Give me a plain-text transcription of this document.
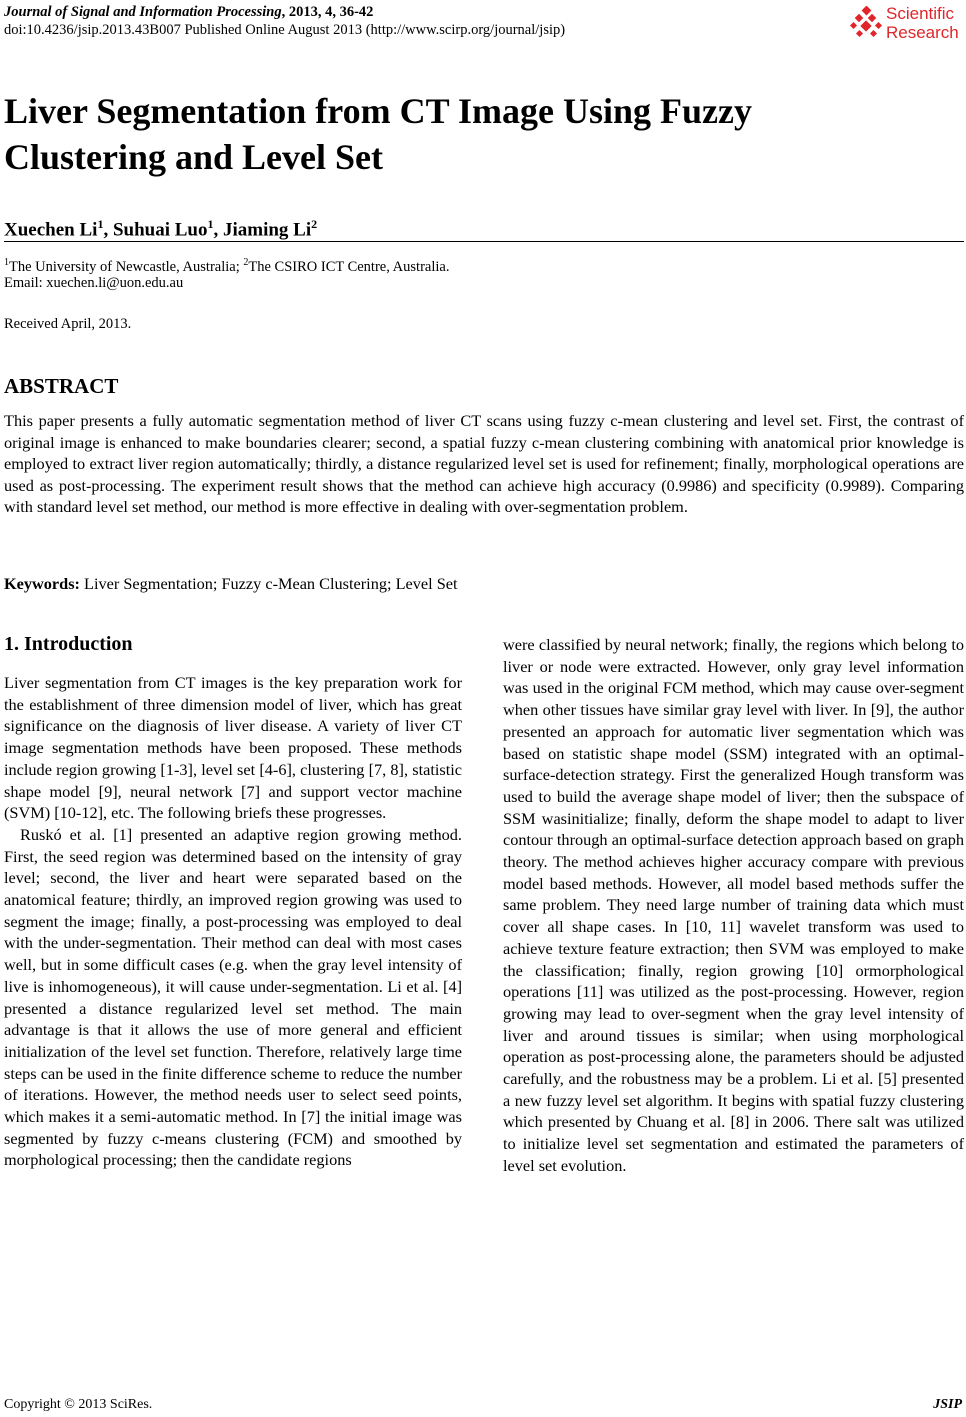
Journal of Signal and Information Processing, 2013, 4, 36-42
doi:10.4236/jsip.2013.43B007 Published Online August 2013 (http://www.scirp.org/journal/jsip)
Scientific
Research
Liver Segmentation from CT Image Using Fuzzy
Clustering and Level Set
Xuechen Li$^1$, Suhuai Luo$^1$, Jiaming Li$^2$
$^1$The University of Newcastle, Australia; $^2$The CSIRO ICT Centre, Australia.
Email: xuechen.li@uon.edu.au
Received April, 2013.
ABSTRACT

This paper presents a fully automatic segmentation method of liver CT scans using fuzzy c-mean clustering and level set. First, the contrast of original image is enhanced to make boundaries clearer; second, a spatial fuzzy c-mean clustering combining with anatomical prior knowledge is employed to extract liver region automatically; thirdly, a distance regularized level set is used for refinement; finally, morphological operations are used as post-processing. The experiment result shows that the method can achieve high accuracy (0.9986) and specificity (0.9989). Comparing with standard level set method, our method is more effective in dealing with over-segmentation problem.

Keywords: Liver Segmentation; Fuzzy c-Mean Clustering; Level Set
1. Introduction

Liver segmentation from CT images is the key preparation work for the establishment of three dimension model of liver, which has great significance on the diagnosis of liver disease. A variety of liver CT image segmentation methods have been proposed. These methods include region growing [1-3], level set [4-6], clustering [7, 8], statistic shape model [9], neural network [7] and support vector machine (SVM) [10-12], etc. The following briefs these progresses.

Ruskó et al. [1] presented an adaptive region growing method. First, the seed region was determined based on the intensity of gray level; second, the liver and heart were separated based on the anatomical feature; thirdly, an improved region growing was used to segment the image; finally, a post-processing was employed to deal with the under-segmentation. Their method can deal with most cases well, but in some difficult cases (e.g. when the gray level intensity of live is inhomogeneous), it will cause under-segmentation. Li et al. [4] presented a distance regularized level set method. The main advantage is that it allows the use of more general and efficient initialization of the level set function. Therefore, relatively large time steps can be used in the finite difference scheme to reduce the number of iterations. However, the method needs user to select seed points, which makes it a semi-automatic method. In [7] the initial image was segmented by fuzzy c-means clustering (FCM) and smoothed by morphological processing; then the candidate regions

were classified by neural network; finally, the regions which belong to liver or node were extracted. However, only gray level information was used in the original FCM method, which may cause over-segment when other tissues have similar gray level with liver. In [9], the author presented an approach for automatic liver segmentation which was based on statistic shape model (SSM) integrated with an optimal-surface-detection strategy. First the generalized Hough transform was used to build the average shape model of liver; then the subspace of SSM wasinitialize; finally, deform the shape model to adapt to liver contour through an optimal-surface detection approach based on graph theory. The method achieves higher accuracy compare with previous model based methods. However, all model based methods suffer the same problem. They need large number of training data which must cover all shape cases. In [10, 11] wavelet transform was used to achieve texture feature extraction; then SVM was employed to make the classification; finally, region growing [10] ormorphological operations [11] was utilized as the post-processing. However, region growing may lead to over-segment when the gray level intensity of liver and around tissues is similar; when using morphological operation as post-processing alone, the parameters should be adjusted carefully, and the robustness may be a problem. Li et al. [5] presented a new fuzzy level set algorithm. It begins with spatial fuzzy clustering which presented by Chuang et al. [8] in 2006. There salt was utilized to initialize level set segmentation and estimated the parameters of level set evolution.

Copyright © 2013 SciRes.	JSIP
